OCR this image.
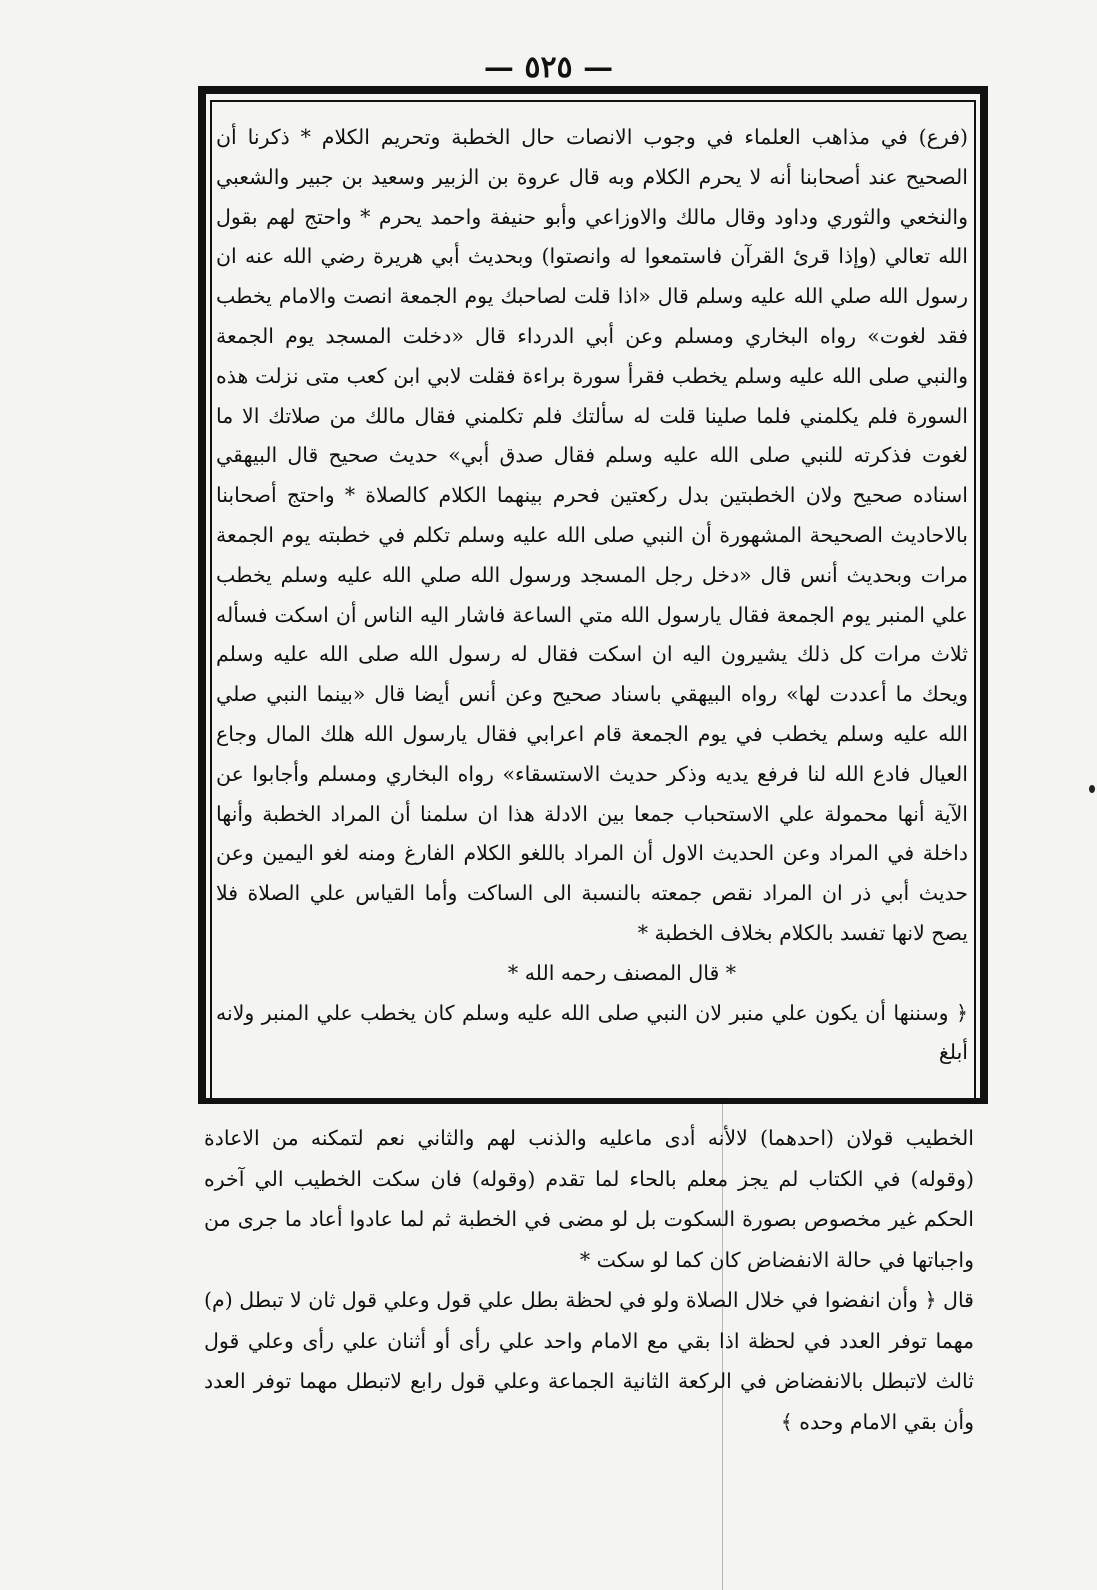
— ٥٢٥ —

(فرع) في مذاهب العلماء في وجوب الانصات حال الخطبة وتحريم الكلام * ذكرنا أن الصحيح عند أصحابنا أنه لا يحرم الكلام وبه قال عروة بن الزبير وسعيد بن جبير والشعبي والنخعي والثوري وداود وقال مالك والاوزاعي وأبو حنيفة واحمد يحرم * واحتج لهم بقول الله تعالي (وإذا قرئ القرآن فاستمعوا له وانصتوا) وبحديث أبي هريرة رضي الله عنه ان رسول الله صلي الله عليه وسلم قال «اذا قلت لصاحبك يوم الجمعة انصت والامام يخطب فقد لغوت» رواه البخاري ومسلم وعن أبي الدرداء قال «دخلت المسجد يوم الجمعة والنبي صلى الله عليه وسلم يخطب فقرأ سورة براءة فقلت لابي ابن كعب متى نزلت هذه السورة فلم يكلمني فلما صلينا قلت له سألتك فلم تكلمني فقال مالك من صلاتك الا ما لغوت فذكرته للنبي صلى الله عليه وسلم فقال صدق أبي» حديث صحيح قال البيهقي اسناده صحيح ولان الخطبتين بدل ركعتين فحرم بينهما الكلام كالصلاة * واحتج أصحابنا بالاحاديث الصحيحة المشهورة أن النبي صلى الله عليه وسلم تكلم في خطبته يوم الجمعة مرات وبحديث أنس قال «دخل رجل المسجد ورسول الله صلي الله عليه وسلم يخطب علي المنبر يوم الجمعة فقال يارسول الله متي الساعة فاشار اليه الناس أن اسكت فسأله ثلاث مرات كل ذلك يشيرون اليه ان اسكت فقال له رسول الله صلى الله عليه وسلم ويحك ما أعددت لها» رواه البيهقي باسناد صحيح وعن أنس أيضا قال «بينما النبي صلي الله عليه وسلم يخطب في يوم الجمعة قام اعرابي فقال يارسول الله هلك المال وجاع العيال فادع الله لنا فرفع يديه وذكر حديث الاستسقاء» رواه البخاري ومسلم وأجابوا عن الآية أنها محمولة علي الاستحباب جمعا بين الادلة هذا ان سلمنا أن المراد الخطبة وأنها داخلة في المراد وعن الحديث الاول أن المراد باللغو الكلام الفارغ ومنه لغو اليمين وعن حديث أبي ذر ان المراد نقص جمعته بالنسبة الى الساكت وأما القياس علي الصلاة فلا يصح لانها تفسد بالكلام بخلاف الخطبة *

* قال المصنف رحمه الله *

﴿ وسننها أن يكون علي منبر لان النبي صلى الله عليه وسلم كان يخطب علي المنبر ولانه أبلغ

الخطيب قولان (احدهما) لالأنه أدى ماعليه والذنب لهم والثاني نعم لتمكنه من الاعادة (وقوله) في الكتاب لم يجز معلم بالحاء لما تقدم (وقوله) فان سكت الخطيب الي آخره الحكم غير مخصوص بصورة السكوت بل لو مضى في الخطبة ثم لما عادوا أعاد ما جرى من واجباتها في حالة الانفضاض كان كما لو سكت *

قال ﴿ وأن انفضوا في خلال الصلاة ولو في لحظة بطل علي قول وعلي قول ثان لا تبطل (م) مهما توفر العدد في لحظة اذا بقي مع الامام واحد علي رأى أو أثنان علي رأى وعلي قول ثالث لاتبطل بالانفضاض في الركعة الثانية الجماعة وعلي قول رابع لاتبطل مهما توفر العدد وأن بقي الامام وحده ﴾
